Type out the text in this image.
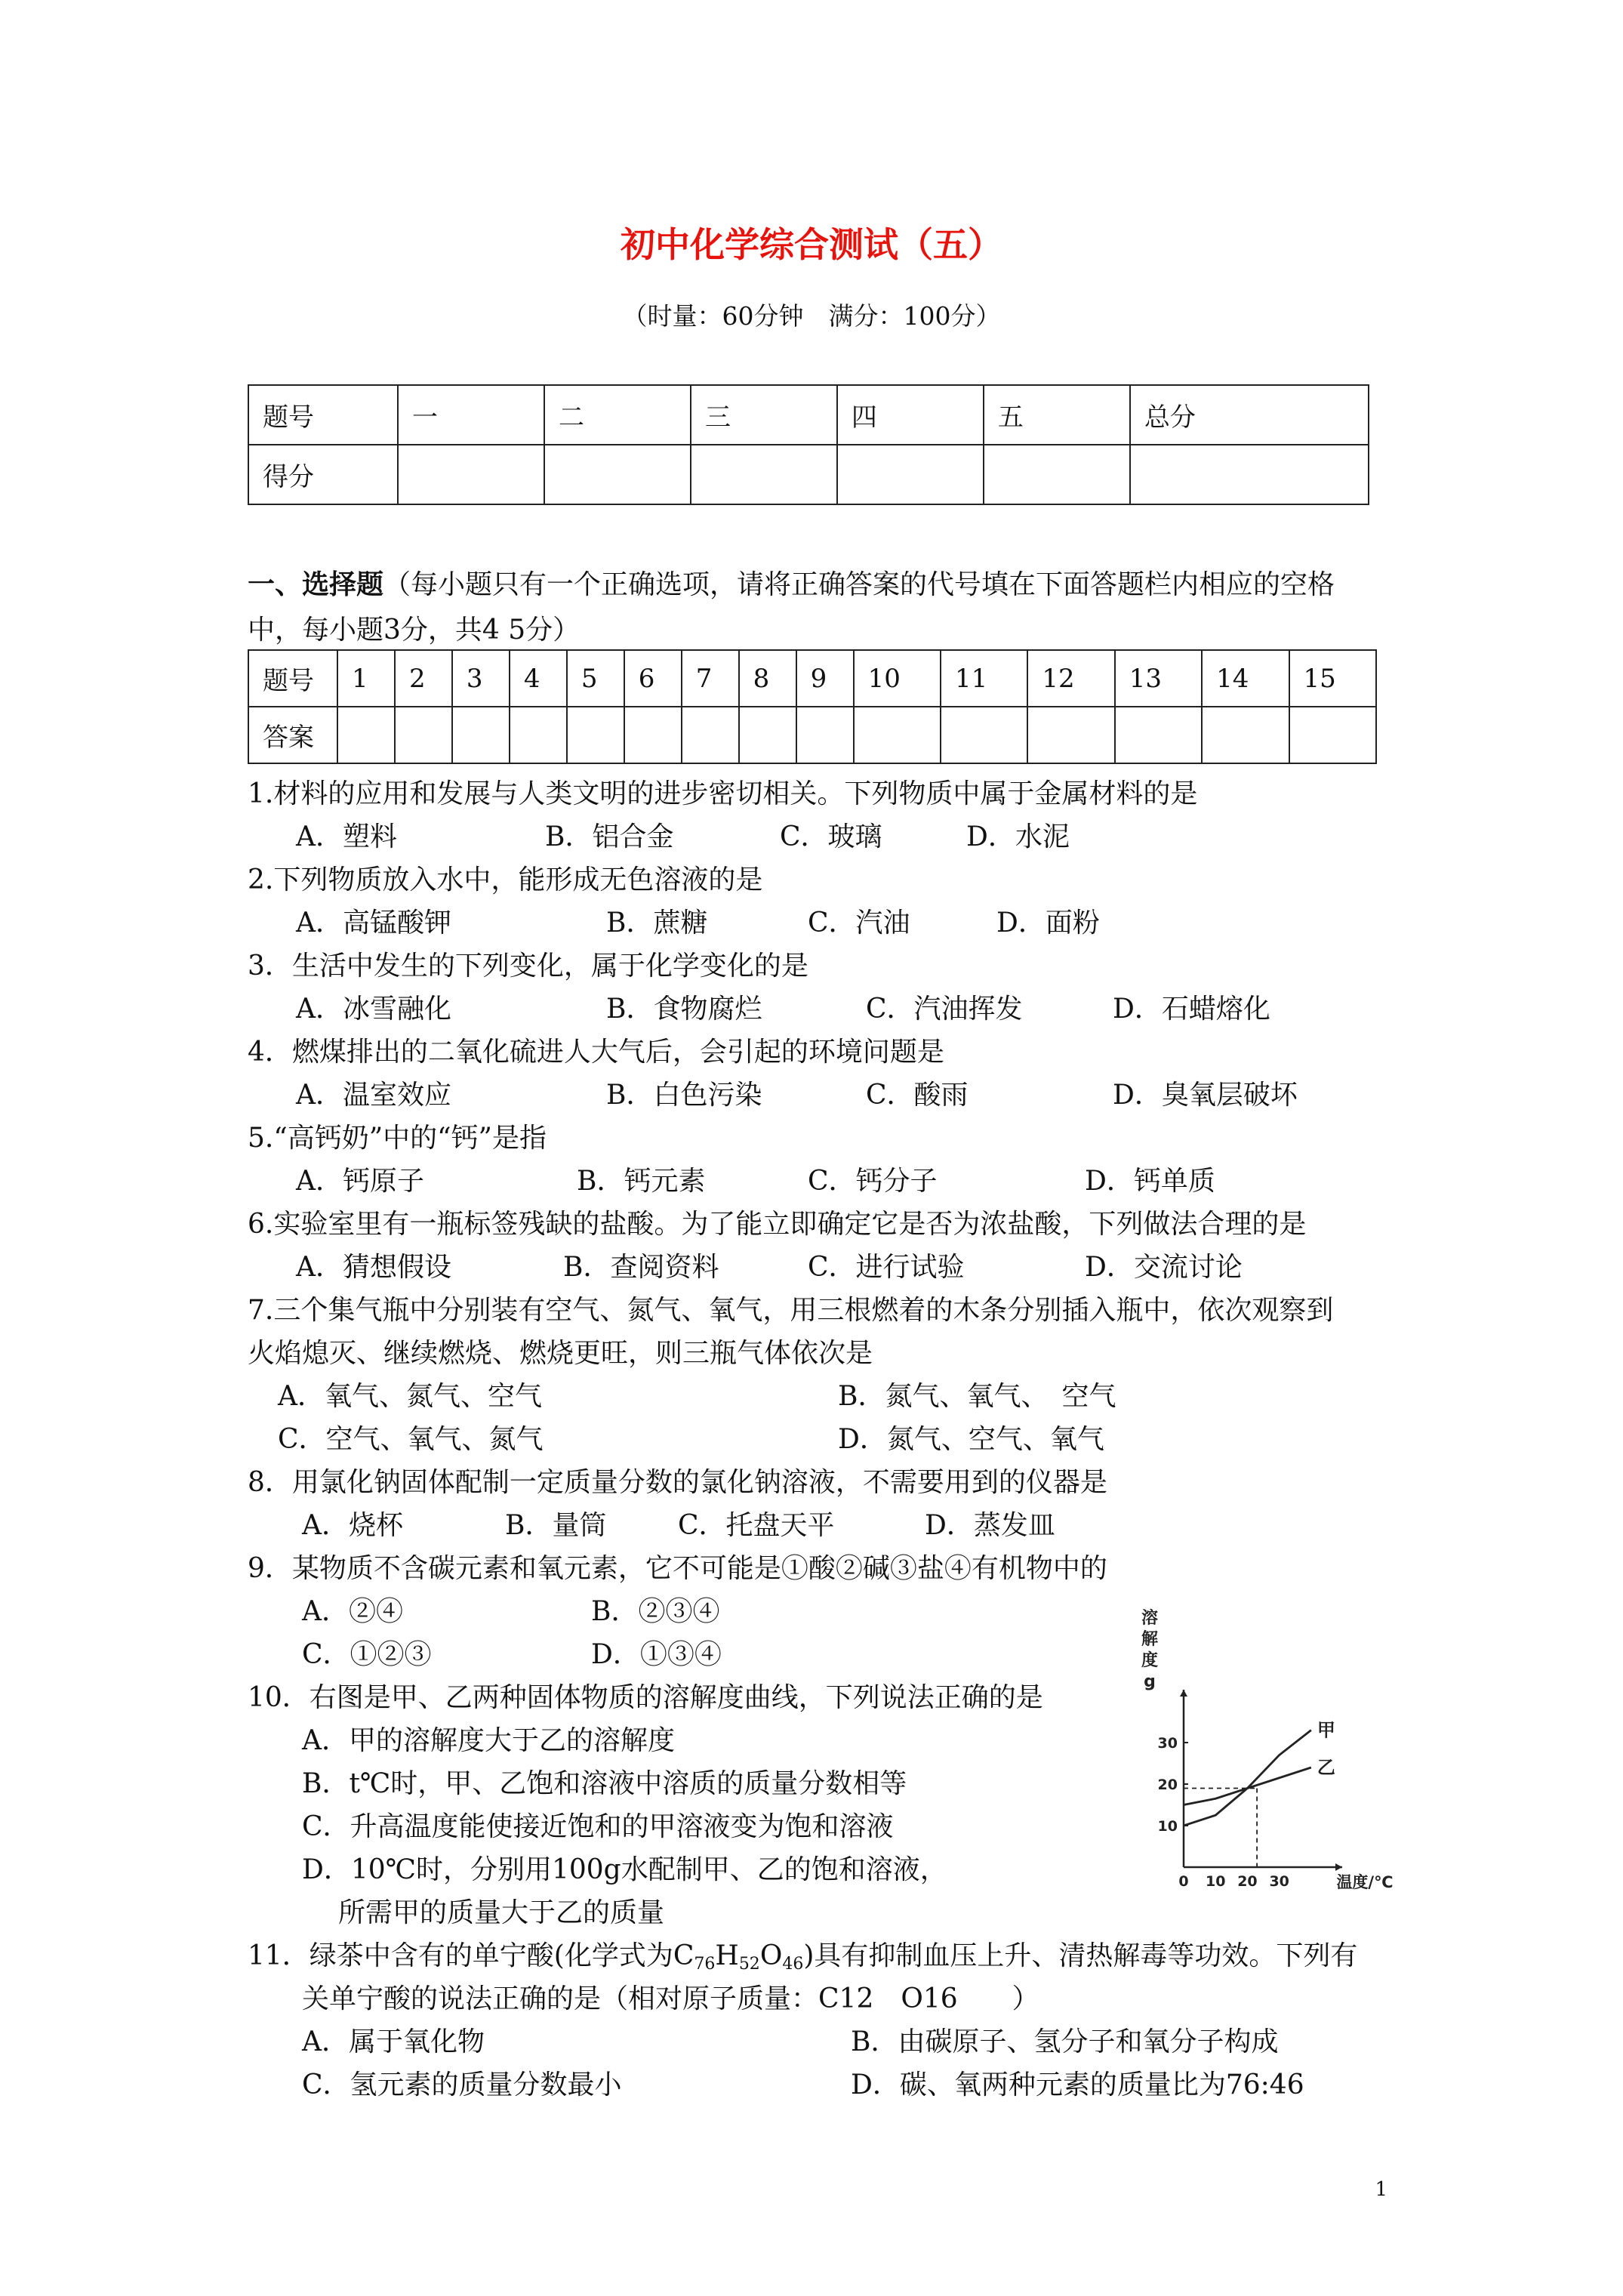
初中化学综合测试（五）
（时量：60分钟　满分：100分）
题号	一	二	三	四	五	总分
得分						
一、选择题（每小题只有一个正确选项，请将正确答案的代号填在下面答题栏内相应的空格
中，每小题3分，共4 5分）
题号	1	2	3	4	5	6	7	8	9	10	11	12	13	14	15
答案															
1.材料的应用和发展与人类文明的进步密切相关。下列物质中属于金属材料的是
A．塑料	B．铝合金	C．玻璃	D．水泥
2.下列物质放入水中，能形成无色溶液的是
A．高锰酸钾	B．蔗糖	C．汽油	D．面粉
3．生活中发生的下列变化，属于化学变化的是
A．冰雪融化	B．食物腐烂	C．汽油挥发	D．石蜡熔化
4．燃煤排出的二氧化硫进人大气后，会引起的环境问题是
A．温室效应	B．白色污染	C．酸雨	D．臭氧层破坏
5.“高钙奶”中的“钙”是指
A．钙原子	B．钙元素	C．钙分子	D．钙单质
6.实验室里有一瓶标签残缺的盐酸。为了能立即确定它是否为浓盐酸，下列做法合理的是
A．猜想假设	B．查阅资料	C．进行试验	D．交流讨论
7.三个集气瓶中分别装有空气、氮气、氧气，用三根燃着的木条分别插入瓶中，依次观察到
火焰熄灭、继续燃烧、燃烧更旺，则三瓶气体依次是
A．氧气、氮气、空气	B．氮气、氧气、　空气
C．空气、氧气、氮气	D．氮气、空气、氧气
8．用氯化钠固体配制一定质量分数的氯化钠溶液，不需要用到的仪器是
A．烧杯	B．量筒	C．托盘天平	D．蒸发皿
9．某物质不含碳元素和氧元素，它不可能是①酸②碱③盐④有机物中的
A．②④	B．②③④
C．①②③	D．①③④
10．右图是甲、乙两种固体物质的溶解度曲线，下列说法正确的是
A．甲的溶解度大于乙的溶解度
B．t℃时，甲、乙饱和溶液中溶质的质量分数相等
C．升高温度能使接近饱和的甲溶液变为饱和溶液
D．10℃时，分别用100g水配制甲、乙的饱和溶液，
所需甲的质量大于乙的质量
10
20
30
0 10 20 30
溶
解
度
g
温度/℃
甲
乙
11．绿茶中含有的单宁酸(化学式为$C_{76}H_{52}O_{46}$)具有抑制血压上升、清热解毒等功效。下列有
关单宁酸的说法正确的是（相对原子质量：C12　O16　　）
A．属于氧化物	B．由碳原子、氢分子和氧分子构成
C．氢元素的质量分数最小	D．碳、氧两种元素的质量比为76:46
1
